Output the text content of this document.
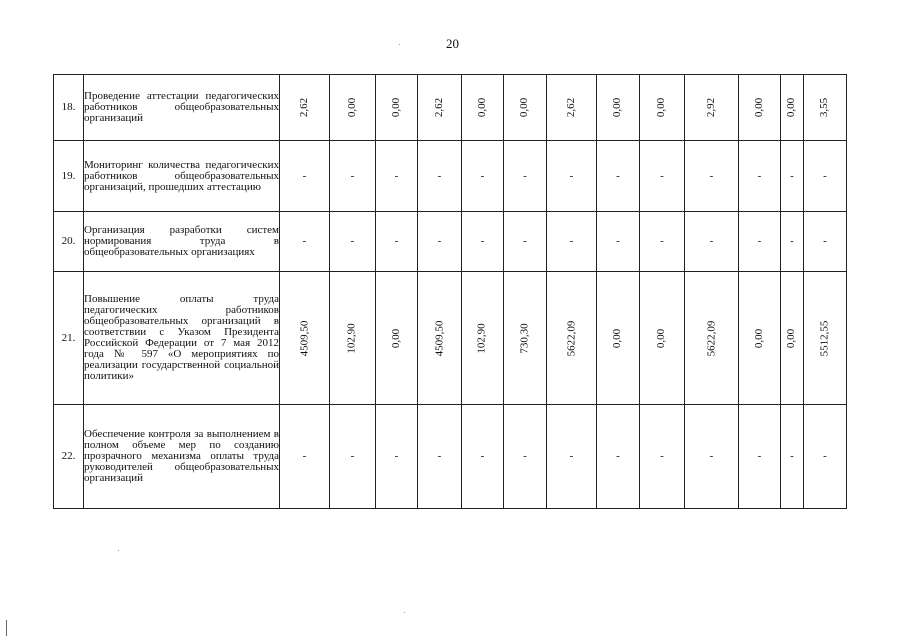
20
18.	Проведение аттестации педагогических работников общеобразовательных организаций	2,62	0,00	0,00	2,62	0,00	0,00	2,62	0,00	0,00	2,92	0,00	0,00	3,55
19.	Мониторинг количества педагогических работников общеобразовательных организаций, прошедших аттестацию	-	-	-	-	-	-	-	-	-	-	-	-	-
20.	Организация разработки систем нормирования труда в общеобразовательных организациях	-	-	-	-	-	-	-	-	-	-	-	-	-
21.	Повышение оплаты труда педагогических работников общеобразовательных организаций в соответствии с Указом Президента Российской Федерации от 7 мая 2012 года № 597 «О мероприятиях по реализации государственной социальной политики»	4509,50	102,90	0,00	4509,50	102,90	730,30	5622,09	0,00	0,00	5622,09	0,00	0,00	5512,55
22.	Обеспечение контроля за выполнением в полном объеме мер по созданию прозрачного механизма оплаты труда руководителей общеобразовательных организаций	-	-	-	-	-	-	-	-	-	-	-	-	-
